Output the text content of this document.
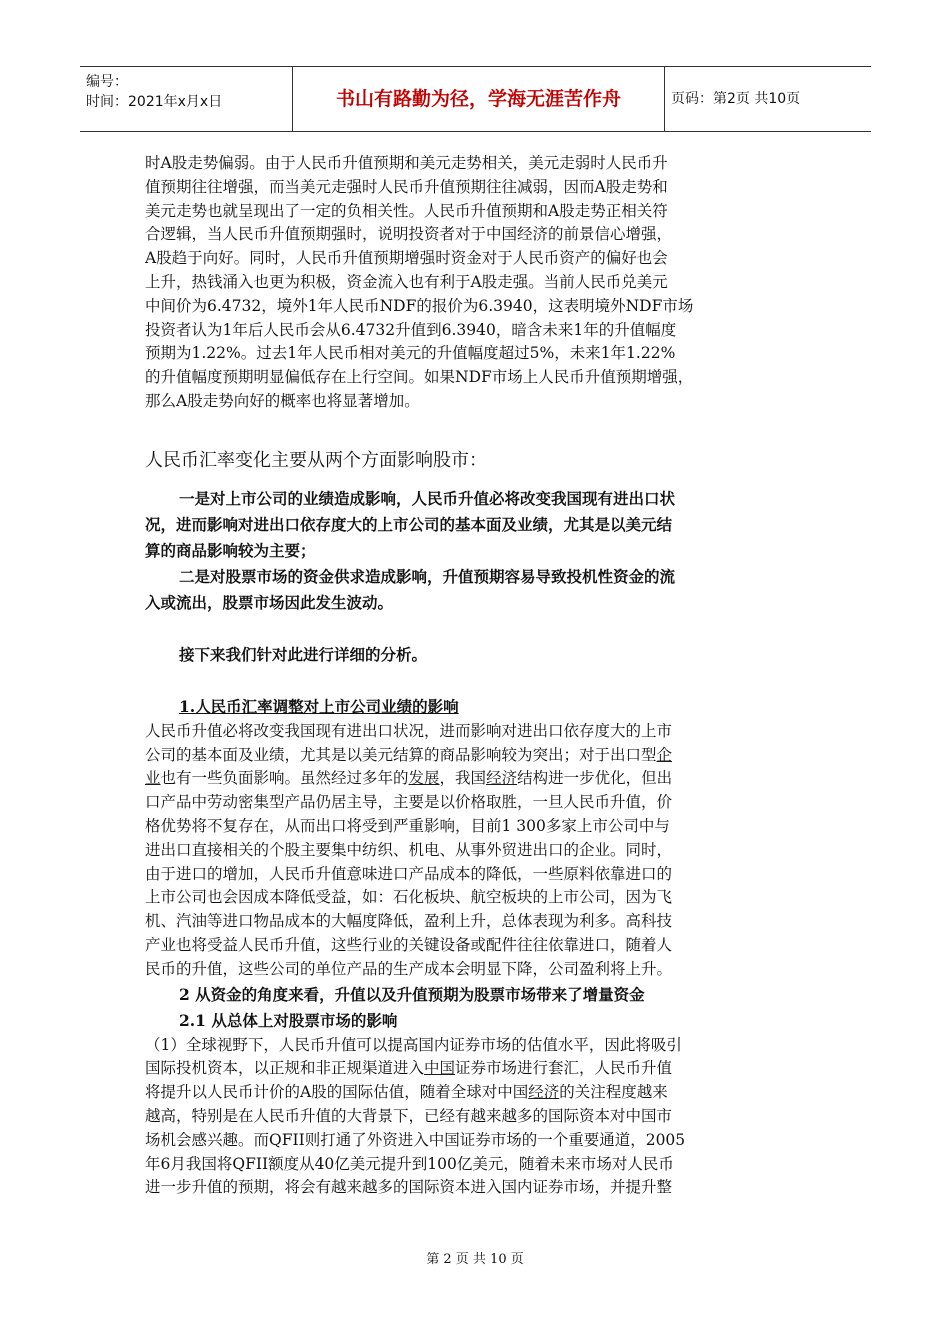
编号：
时间：2021年x月x日	书山有路勤为径，学海无涯苦作舟	页码：第2页 共10页
时A股走势偏弱。由于人民币升值预期和美元走势相关，美元走弱时人民币升
值预期往往增强，而当美元走强时人民币升值预期往往减弱，因而A股走势和
美元走势也就呈现出了一定的负相关性。人民币升值预期和A股走势正相关符
合逻辑，当人民币升值预期强时，说明投资者对于中国经济的前景信心增强，
A股趋于向好。同时，人民币升值预期增强时资金对于人民币资产的偏好也会
上升，热钱涌入也更为积极，资金流入也有利于A股走强。当前人民币兑美元
中间价为6.4732，境外1年人民币NDF的报价为6.3940，这表明境外NDF市场
投资者认为1年后人民币会从6.4732升值到6.3940，暗含未来1年的升值幅度
预期为1.22%。过去1年人民币相对美元的升值幅度超过5%，未来1年1.22%
的升值幅度预期明显偏低存在上行空间。如果NDF市场上人民币升值预期增强，
那么A股走势向好的概率也将显著增加。

人民币汇率变化主要从两个方面影响股市：

一是对上市公司的业绩造成影响，人民币升值必将改变我国现有进出口状
况，进而影响对进出口依存度大的上市公司的基本面及业绩，尤其是以美元结
算的商品影响较为主要；
二是对股票市场的资金供求造成影响，升值预期容易导致投机性资金的流
入或流出，股票市场因此发生波动。

接下来我们针对此进行详细的分析。

1.人民币汇率调整对上市公司业绩的影响

人民币升值必将改变我国现有进出口状况，进而影响对进出口依存度大的上市
公司的基本面及业绩，尤其是以美元结算的商品影响较为突出；对于出口型企
业也有一些负面影响。虽然经过多年的发展，我国经济结构进一步优化，但出
口产品中劳动密集型产品仍居主导，主要是以价格取胜，一旦人民币升值，价
格优势将不复存在，从而出口将受到严重影响，目前1 300多家上市公司中与
进出口直接相关的个股主要集中纺织、机电、从事外贸进出口的企业。同时，
由于进口的增加，人民币升值意味进口产品成本的降低，一些原料依靠进口的
上市公司也会因成本降低受益，如：石化板块、航空板块的上市公司，因为飞
机、汽油等进口物品成本的大幅度降低，盈利上升，总体表现为利多。高科技
产业也将受益人民币升值，这些行业的关键设备或配件往往依靠进口，随着人
民币的升值，这些公司的单位产品的生产成本会明显下降，公司盈利将上升。

2 从资金的角度来看，升值以及升值预期为股票市场带来了增量资金

2.1 从总体上对股票市场的影响

（1）全球视野下，人民币升值可以提高国内证券市场的估值水平，因此将吸引
国际投机资本，以正规和非正规渠道进入中国证券市场进行套汇，人民币升值
将提升以人民币计价的A股的国际估值，随着全球对中国经济的关注程度越来
越高，特别是在人民币升值的大背景下，已经有越来越多的国际资本对中国市
场机会感兴趣。而QFII则打通了外资进入中国证券市场的一个重要通道，2005
年6月我国将QFII额度从40亿美元提升到100亿美元，随着未来市场对人民币
进一步升值的预期，将会有越来越多的国际资本进入国内证券市场，并提升整
第 2 页 共 10 页
